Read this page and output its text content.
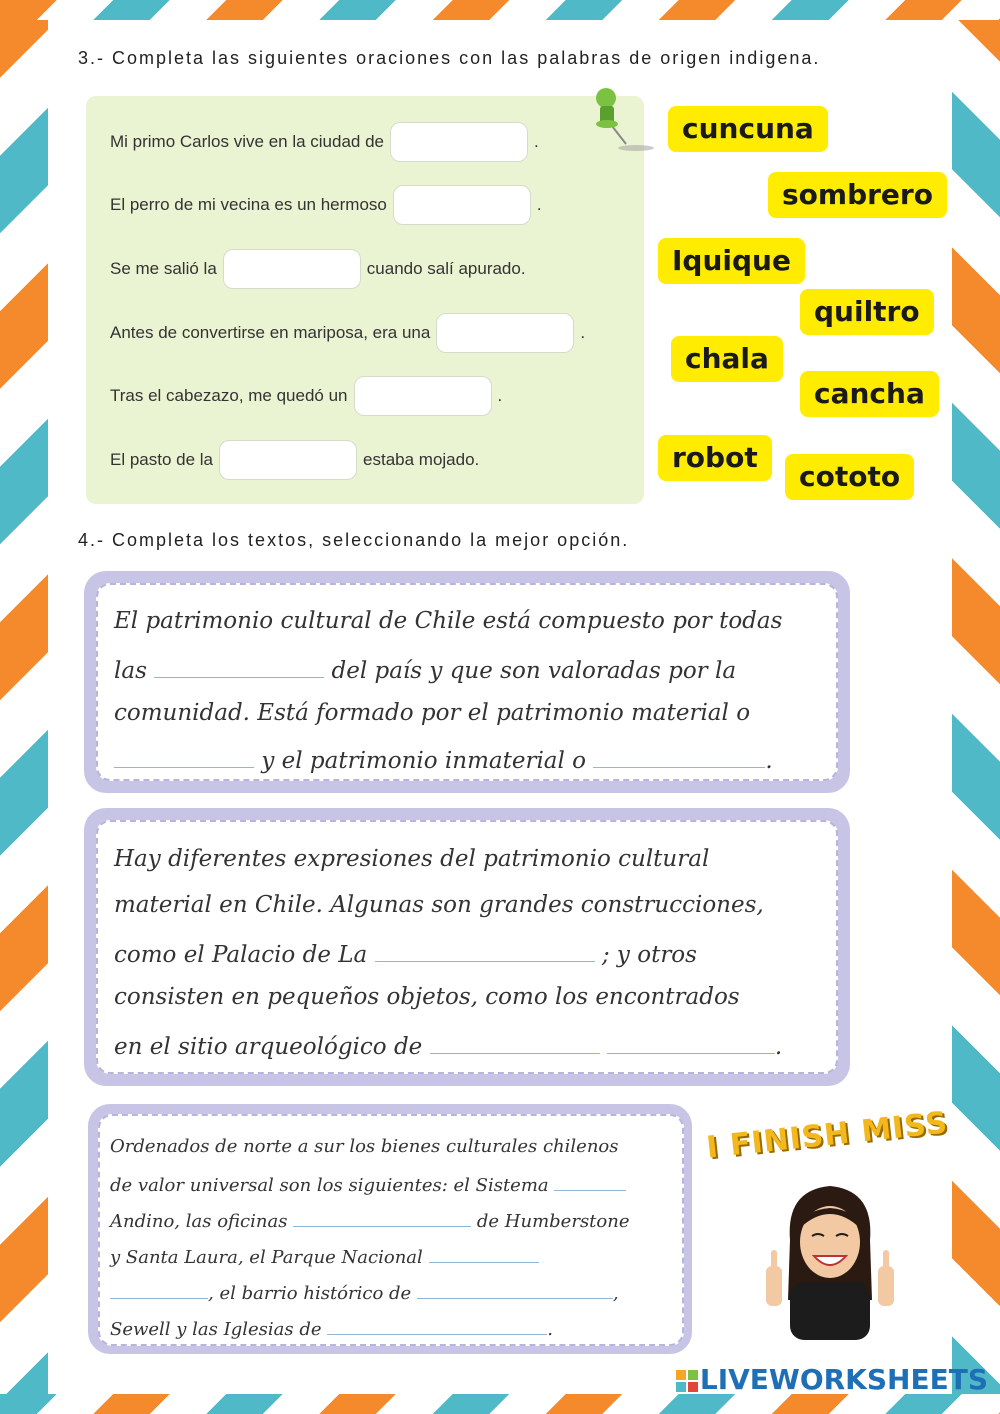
3.- Completa las siguientes oraciones con las palabras de origen indigena.
Mi primo Carlos vive en la ciudad de	.
El perro de mi vecina es un hermoso	.
Se me salió la	cuando salí apurado.
Antes de convertirse en mariposa, era una	.
Tras el cabezazo, me quedó un	.
El pasto de la	estaba mojado.
cuncuna
sombrero
Iquique
quiltro
chala
cancha
robot
cototo
4.- Completa los textos, seleccionando la mejor opción.
El patrimonio cultural de Chile está compuesto por todas
las	del país y que son valoradas por la
comunidad. Está formado por el patrimonio material o
y el patrimonio inmaterial o	.
Hay diferentes expresiones del patrimonio cultural
material en Chile. Algunas son grandes construcciones,
como el Palacio de La	; y otros
consisten en pequeños objetos, como los encontrados
en el sitio arqueológico de	.
Ordenados de norte a sur los bienes culturales chilenos
de valor universal son los siguientes: el Sistema
Andino, las oficinas	de Humberstone
y Santa Laura, el Parque Nacional
, el barrio histórico de	,
Sewell y las Iglesias de	.
I FINISH MISS
LIVEWORKSHEETS
